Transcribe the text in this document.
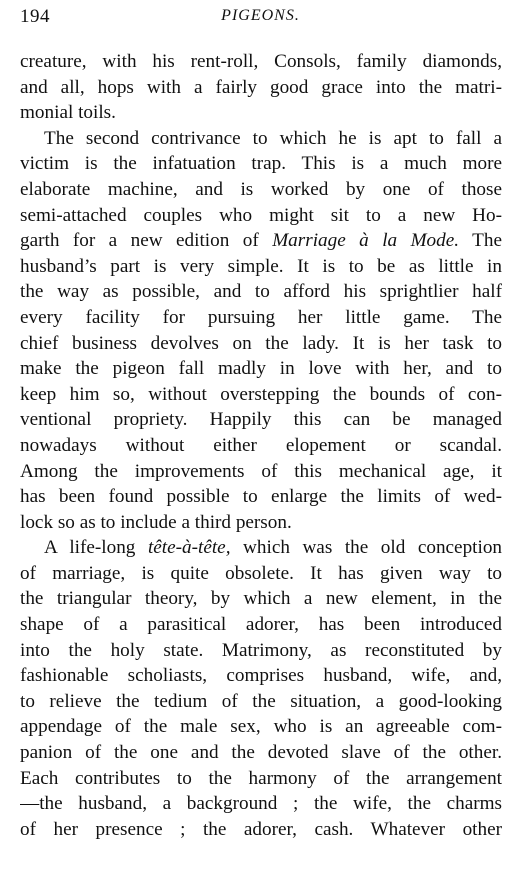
194	PIGEONS.
creature, with his rent-roll, Consols, family diamonds,
and all, hops with a fairly good grace into the matri-
monial toils.
The second contrivance to which he is apt to fall a
victim is the infatuation trap. This is a much more
elaborate machine, and is worked by one of those
semi-attached couples who might sit to a new Ho-
garth for a new edition of Marriage à la Mode. The
husband’s part is very simple. It is to be as little in
the way as possible, and to afford his sprightlier half
every facility for pursuing her little game. The
chief business devolves on the lady. It is her task to
make the pigeon fall madly in love with her, and to
keep him so, without overstepping the bounds of con-
ventional propriety. Happily this can be managed
nowadays without either elopement or scandal.
Among the improvements of this mechanical age, it
has been found possible to enlarge the limits of wed-
lock so as to include a third person.
A life-long tête-à-tête, which was the old conception
of marriage, is quite obsolete. It has given way to
the triangular theory, by which a new element, in the
shape of a parasitical adorer, has been introduced
into the holy state. Matrimony, as reconstituted by
fashionable scholiasts, comprises husband, wife, and,
to relieve the tedium of the situation, a good-looking
appendage of the male sex, who is an agreeable com-
panion of the one and the devoted slave of the other.
Each contributes to the harmony of the arrangement
—the husband, a background ; the wife, the charms
of her presence ; the adorer, cash. Whatever other
